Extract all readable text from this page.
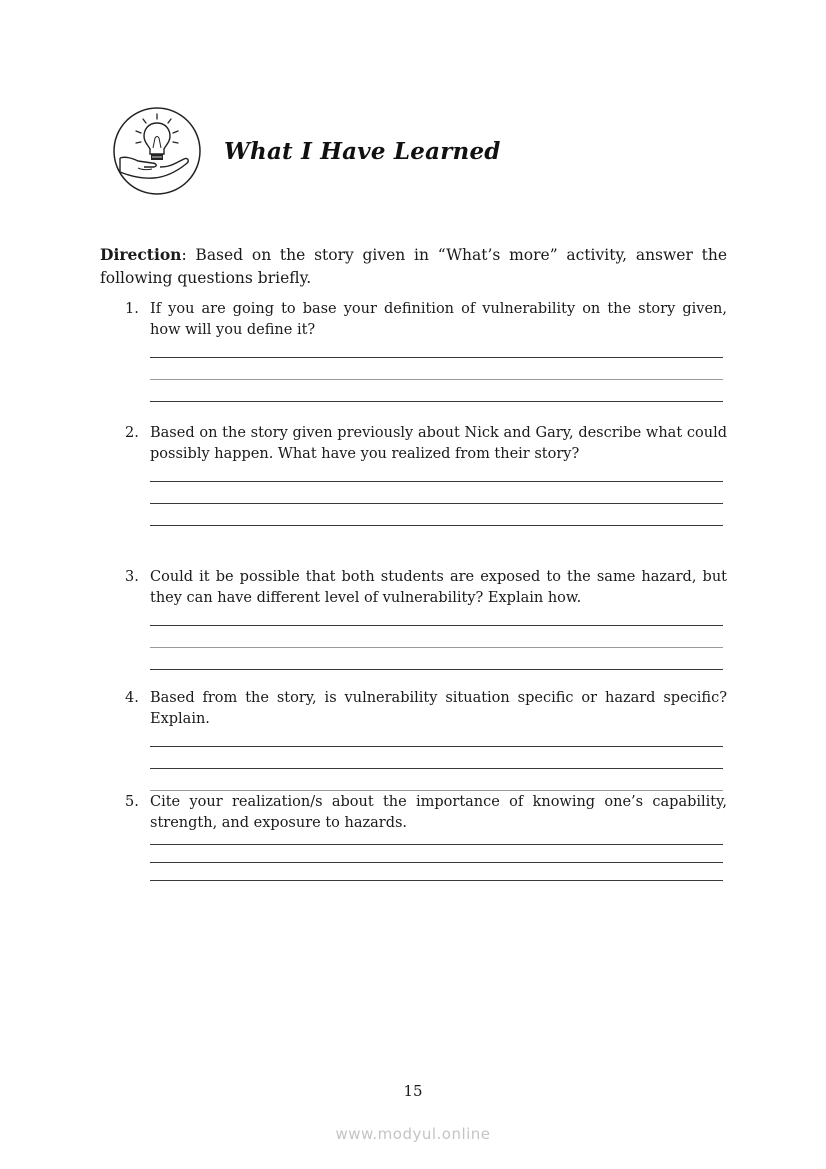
What I Have Learned
Direction: Based on the story given in “What’s more” activity, answer the following questions briefly.
1. If you are going to base your definition of vulnerability on the story given, how will you define it?
2. Based on the story given previously about Nick and Gary, describe what could possibly happen. What have you realized from their story?
3. Could it be possible that both students are exposed to the same hazard, but they can have different level of vulnerability? Explain how.
4. Based from the story, is vulnerability situation specific or hazard specific? Explain.
5. Cite your realization/s about the importance of knowing one’s capability, strength, and exposure to hazards.
15
www.modyul.online
